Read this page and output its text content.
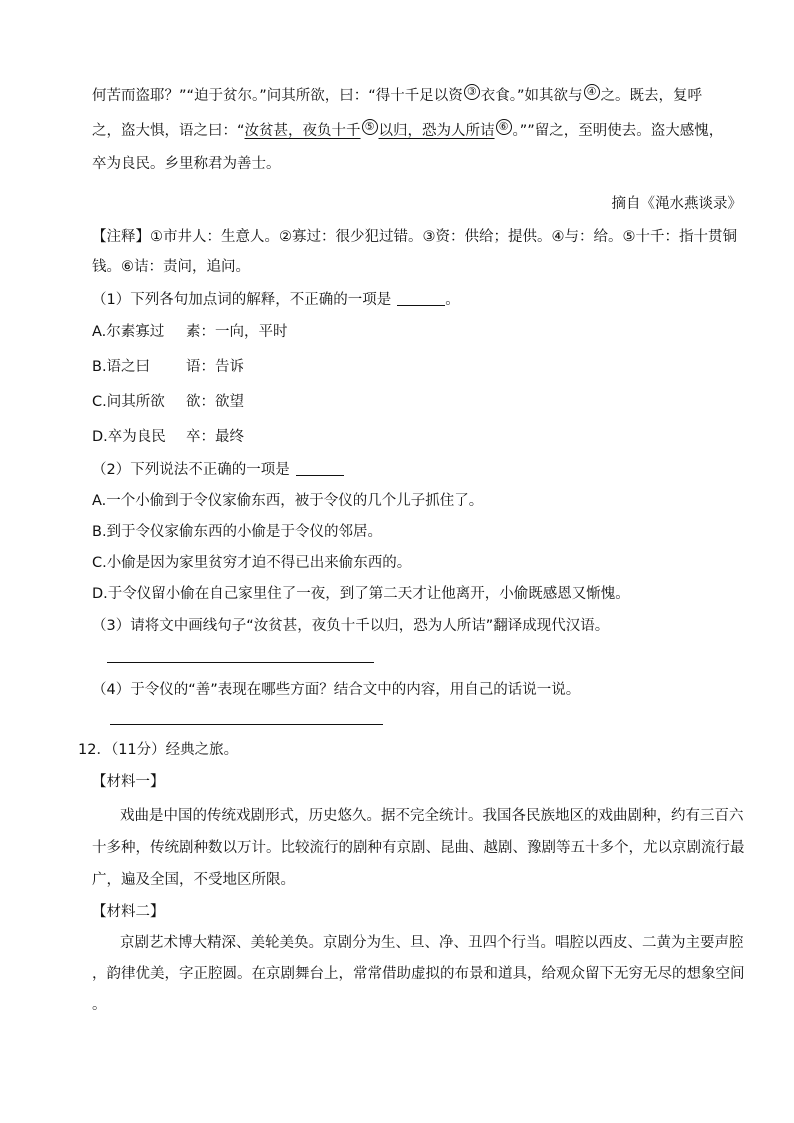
何苦而盗耶？”“迫于贫尔。”问其所欲，曰：“得十千足以资 ③ 衣食。”如其欲与 ④ 之。既去，复呼
之，盗大惧，语之曰：“汝贫甚，夜负十千 ⑤ 以归，恐为人所诘 ⑥ 。””留之，至明使去。盗大感愧，
卒为良民。乡里称君为善士。
摘自《渑水燕谈录》
【注释】①市井人：生意人。②寡过：很少犯过错。③资：供给；提供。④与：给。⑤十千：指十贯铜
钱。⑥诘：责问，追问。
（1）下列各句加点词的解释，不正确的一项是	。
A.尔素寡过 素：一向，平时
B.语之曰 语：告诉
C.问其所欲 欲：欲望
D.卒为良民 卒：最终
（2）下列说法不正确的一项是
A.一个小偷到于令仪家偷东西，被于令仪的几个儿子抓住了。
B.到于令仪家偷东西的小偷是于令仪的邻居。
C.小偷是因为家里贫穷才迫不得已出来偷东西的。
D.于令仪留小偷在自己家里住了一夜，到了第二天才让他离开，小偷既感恩又惭愧。
（3）请将文中画线句子“汝贫甚，夜负十千以归，恐为人所诘”翻译成现代汉语。
（4）于令仪的“善”表现在哪些方面？结合文中的内容，用自己的话说一说。
12．（11分）经典之旅。
【材料一】
戏曲是中国的传统戏剧形式，历史悠久。据不完全统计。我国各民族地区的戏曲剧种，约有三百六
十多种，传统剧种数以万计。比较流行的剧种有京剧、昆曲、越剧、豫剧等五十多个，尤以京剧流行最
广，遍及全国，不受地区所限。
【材料二】
京剧艺术博大精深、美轮美奂。京剧分为生、旦、净、丑四个行当。唱腔以西皮、二黄为主要声腔
，韵律优美，字正腔圆。在京剧舞台上，常常借助虚拟的布景和道具，给观众留下无穷无尽的想象空间
。
